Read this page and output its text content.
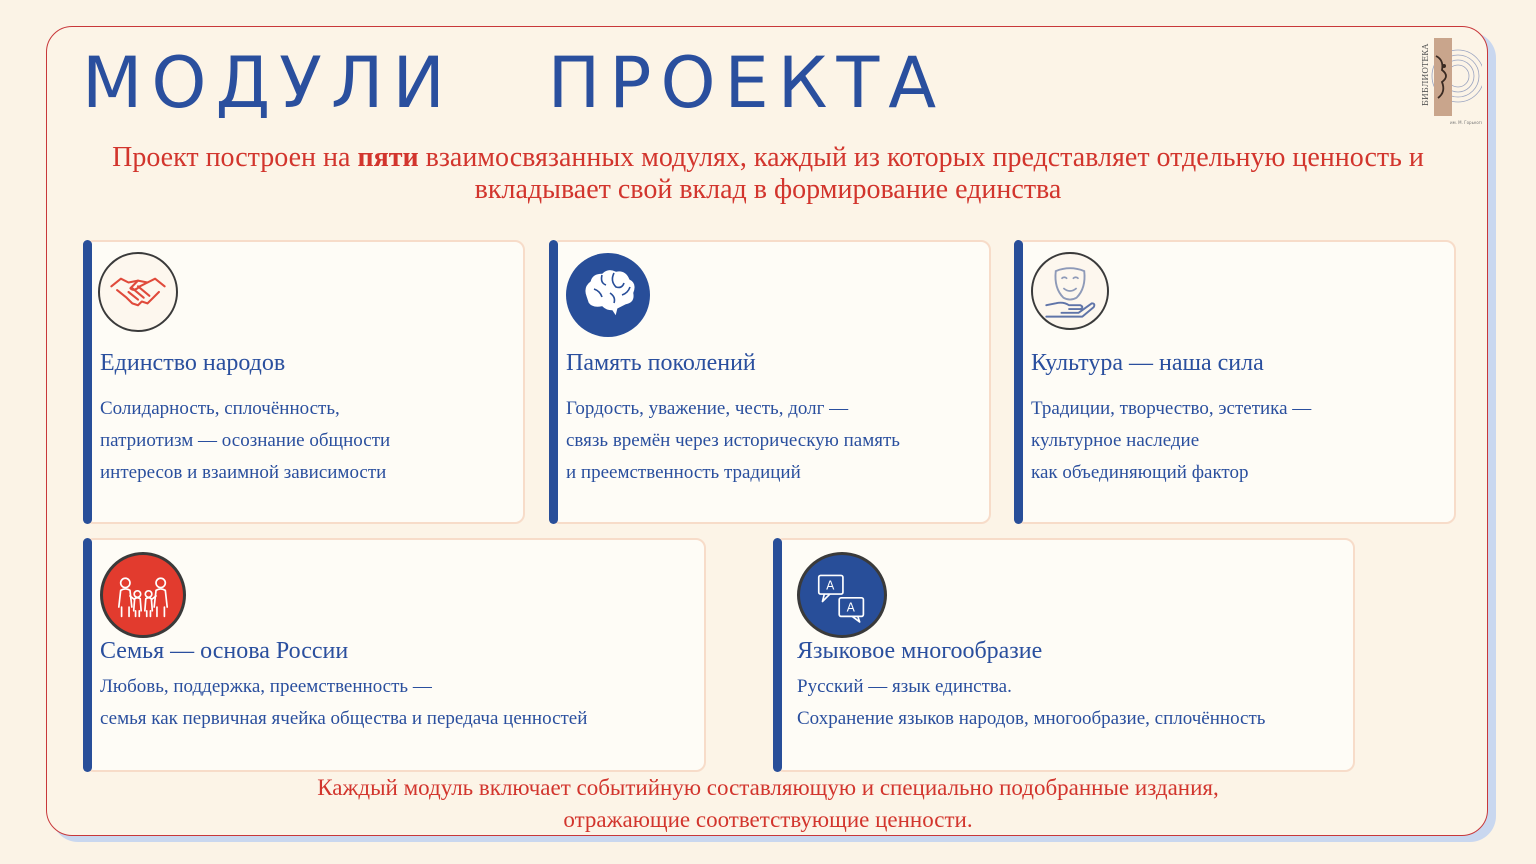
МОДУЛИ   ПРОЕКТА	БИБЛИОТЕКА
им. М. Горького
Проект построен на пяти взаимосвязанных модулях, каждый из которых представляет отдельную ценность и вкладывает свой вклад в формирование единства
Единство народов
Солидарность, сплочённость,
патриотизм — осознание общности
интересов и взаимной зависимости
Память поколений
Гордость, уважение, честь, долг —
связь времён через историческую память
и преемственность традиций
Культура — наша сила
Традиции, творчество, эстетика —
культурное наследие
как объединяющий фактор
Семья — основа России
Любовь, поддержка, преемственность —
семья как первичная ячейка общества и передача ценностей
A
A
Языковое многообразие
Русский — язык единства.
Сохранение языков народов, многообразие, сплочённость
Каждый модуль включает событийную составляющую и специально подобранные издания,
отражающие соответствующие ценности.
